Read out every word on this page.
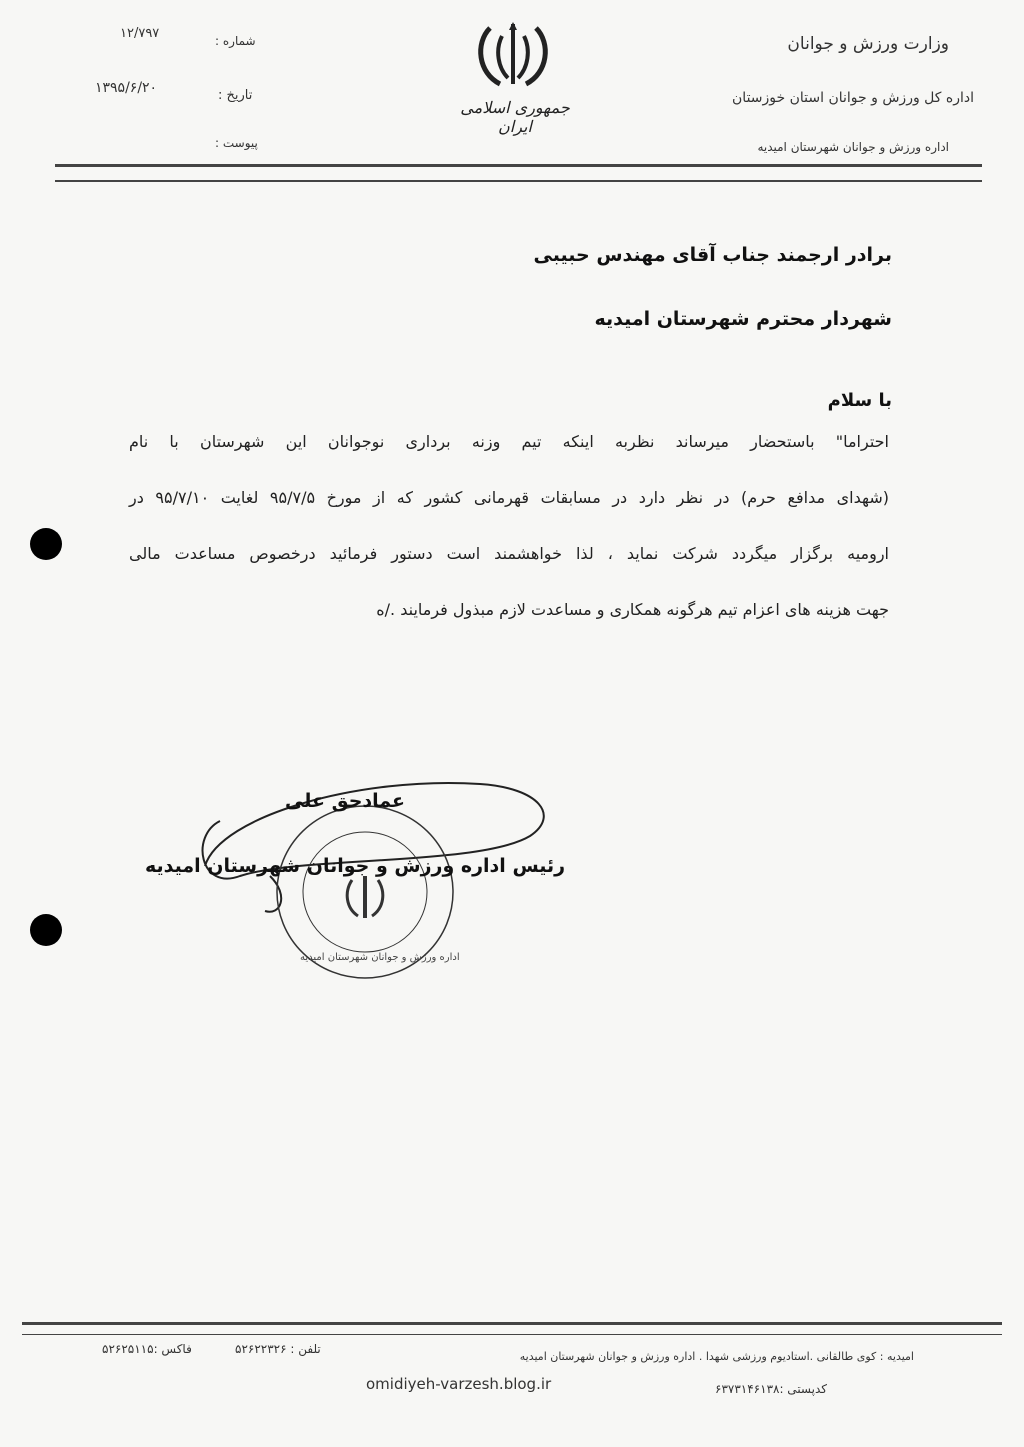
وزارت ورزش و جوانان
اداره کل ورزش و جوانان استان خوزستان
اداره ورزش و جوانان شهرستان امیدیه
جمهوری اسلامی ایران
شماره :
۱۲/۷۹۷
تاریخ :
۱۳۹۵/۶/۲۰
پیوست :
برادر ارجمند جناب آقای مهندس حبیبی
شهردار محترم شهرستان امیدیه
با سلام
احتراما" باستحضار میرساند نظربه اینکه تیم وزنه برداری نوجوانان این شهرستان با نام
(شهدای مدافع حرم) در نظر دارد در مسابقات قهرمانی کشور که از مورخ ۹۵/۷/۵ لغایت ۹۵/۷/۱۰ در
ارومیه برگزار میگردد شرکت نماید ، لذا خواهشمند است دستور فرمائید درخصوص مساعدت مالی
جهت هزینه های اعزام تیم هرگونه همکاری و مساعدت لازم مبذول فرمایند ./ه
اداره ورزش و جوانان شهرستان امیدیه
عمادحق علی
رئیس اداره ورزش و جوانان شهرستان امیدیه
امیدیه : کوی طالقانی .استادیوم ورزشی شهدا . اداره ورزش و جوانان شهرستان امیدیه
تلفن : ۵۲۶۲۲۳۲۶
فاکس :۵۲۶۲۵۱۱۵
omidiyeh-varzesh.blog.ir	کدپستی :۶۳۷۳۱۴۶۱۳۸
